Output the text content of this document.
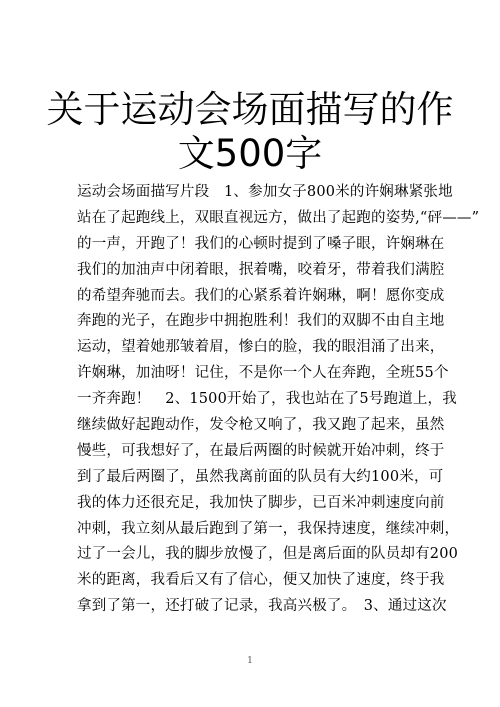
关于运动会场面描写的作
文500字
运动会场面描写片段　1、参加女子800米的许娴琳紧张地
站在了起跑线上，双眼直视远方，做出了起跑的姿势,“砰——”
的一声，开跑了！我们的心顿时提到了嗓子眼，许娴琳在
我们的加油声中闭着眼，抿着嘴，咬着牙，带着我们满腔
的希望奔驰而去。我们的心紧系着许娴琳，啊！愿你变成
奔跑的光子，在跑步中拥抱胜利！我们的双脚不由自主地
运动，望着她那皱着眉，惨白的脸，我的眼泪涌了出来，
许娴琳，加油呀！记住，不是你一个人在奔跑，全班55个
一齐奔跑！　2、1500开始了，我也站在了5号跑道上，我
继续做好起跑动作，发令枪又响了，我又跑了起来，虽然
慢些，可我想好了，在最后两圈的时候就开始冲刺，终于
到了最后两圈了，虽然我离前面的队员有大约100米，可
我的体力还很充足，我加快了脚步，已百米冲刺速度向前
冲刺，我立刻从最后跑到了第一，我保持速度，继续冲刺，
过了一会儿，我的脚步放慢了，但是离后面的队员却有200
米的距离，我看后又有了信心，便又加快了速度，终于我
拿到了第一，还打破了记录，我高兴极了。　3、通过这次
1
